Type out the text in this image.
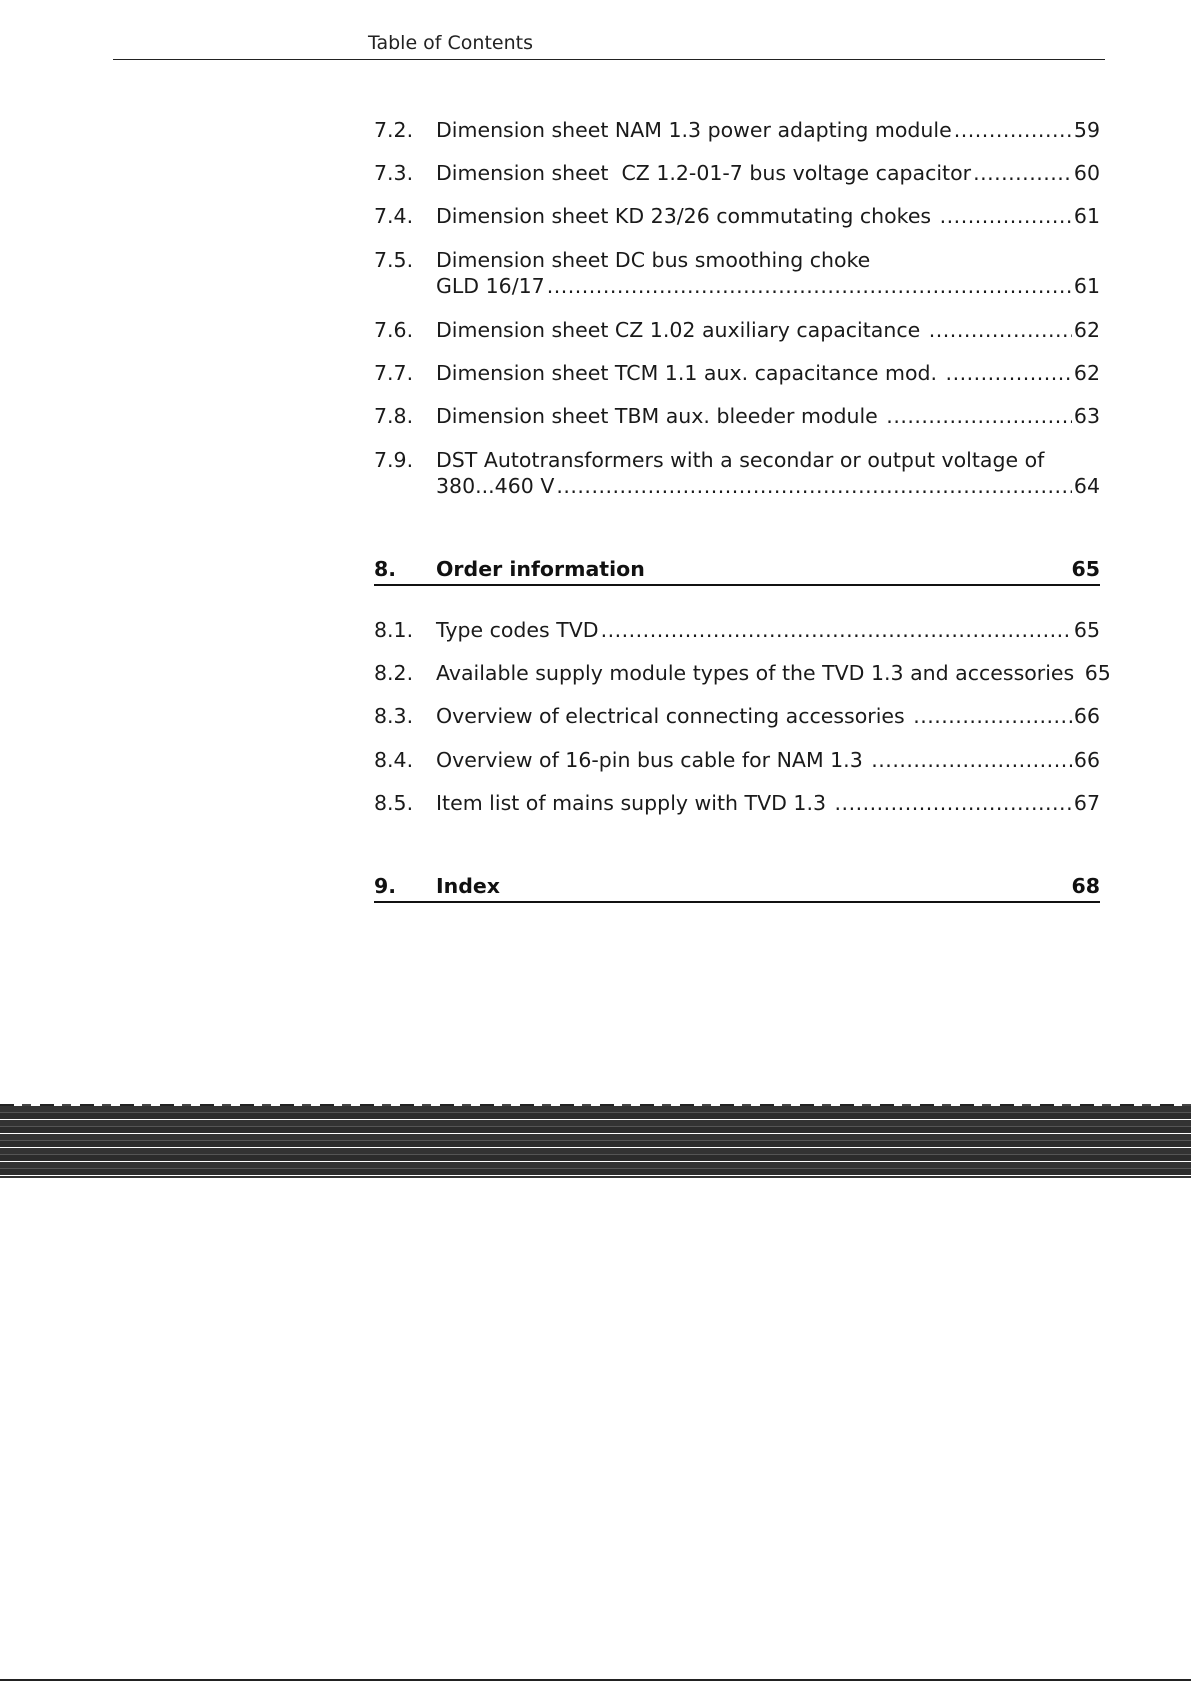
Table of Contents
7.2. Dimension sheet NAM 1.3 power adapting module .....	59
7.3. Dimension sheet  CZ 1.2-01-7 bus voltage capacitor .....	60
7.4. Dimension sheet KD 23/26 commutating chokes .....	61
7.5. Dimension sheet DC bus smoothing choke
GLD 16/17 .....	61
7.6. Dimension sheet CZ 1.02 auxiliary capacitance .....	62
7.7. Dimension sheet TCM 1.1 aux. capacitance mod. .....	62
7.8. Dimension sheet TBM aux. bleeder module .....	63
7.9. DST Autotransformers with a secondar or output voltage of
380...460 V .....	64
8. Order information	65
8.1. Type codes TVD .....	65
8.2. Available supply module types of the TVD 1.3 and accessories 65
8.3. Overview of electrical connecting accessories .....	66
8.4. Overview of 16-pin bus cable for NAM 1.3 .....	66
8.5. Item list of mains supply with TVD 1.3 .....	67
9. Index	68
